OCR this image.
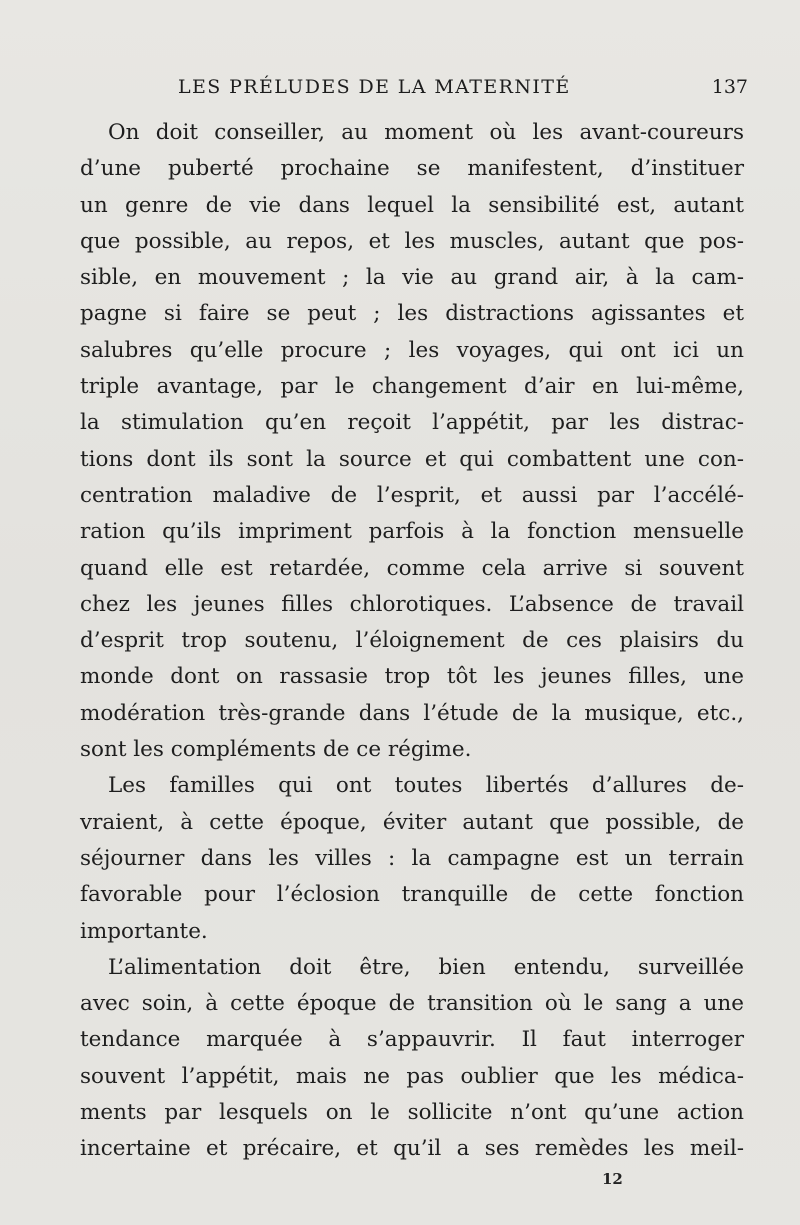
LES PRÉLUDES DE LA MATERNITÉ	137
On doit conseiller, au moment où les avant-coureurs
d’une puberté prochaine se manifestent, d’instituer
un genre de vie dans lequel la sensibilité est, autant
que possible, au repos, et les muscles, autant que pos-
sible, en mouvement ; la vie au grand air, à la cam-
pagne si faire se peut ; les distractions agissantes et
salubres qu’elle procure ; les voyages, qui ont ici un
triple avantage, par le changement d’air en lui-même,
la stimulation qu’en reçoit l’appétit, par les distrac-
tions dont ils sont la source et qui combattent une con-
centration maladive de l’esprit, et aussi par l’accélé-
ration qu’ils impriment parfois à la fonction mensuelle
quand elle est retardée, comme cela arrive si souvent
chez les jeunes filles chlorotiques. L’absence de travail
d’esprit trop soutenu, l’éloignement de ces plaisirs du
monde dont on rassasie trop tôt les jeunes filles, une
modération très-grande dans l’étude de la musique, etc.,
sont les compléments de ce régime.
Les familles qui ont toutes libertés d’allures de-
vraient, à cette époque, éviter autant que possible, de
séjourner dans les villes : la campagne est un terrain
favorable pour l’éclosion tranquille de cette fonction
importante.
L’alimentation doit être, bien entendu, surveillée
avec soin, à cette époque de transition où le sang a une
tendance marquée à s’appauvrir. Il faut interroger
souvent l’appétit, mais ne pas oublier que les médica-
ments par lesquels on le sollicite n’ont qu’une action
incertaine et précaire, et qu’il a ses remèdes les meil-
12
